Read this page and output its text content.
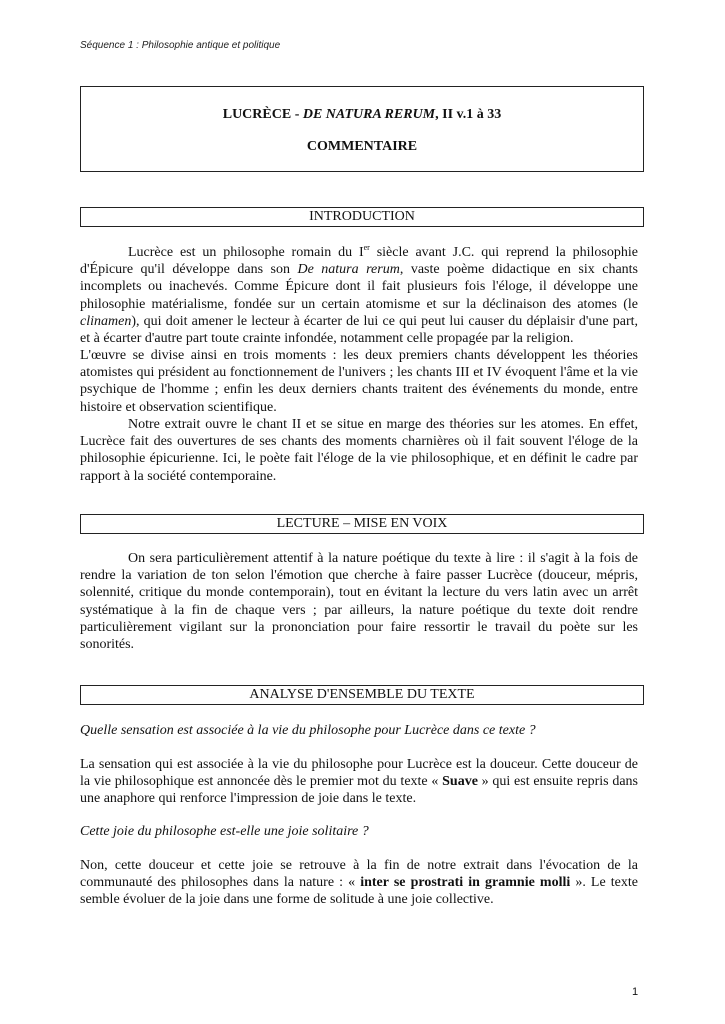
Séquence 1 : Philosophie antique et politique
LUCRÈCE - DE NATURA RERUM, II v.1 à 33
COMMENTAIRE
INTRODUCTION

Lucrèce est un philosophe romain du Ier siècle avant J.C. qui reprend la philosophie d'Épicure qu'il développe dans son De natura rerum, vaste poème didactique en six chants incomplets ou inachevés. Comme Épicure dont il fait plusieurs fois l'éloge, il développe une philosophie matérialisme, fondée sur un certain atomisme et sur la déclinaison des atomes (le clinamen), qui doit amener le lecteur à écarter de lui ce qui peut lui causer du déplaisir d'une part, et à écarter d'autre part toute crainte infondée, notamment celle propagée par la religion.

L'œuvre se divise ainsi en trois moments : les deux premiers chants développent les théories atomistes qui président au fonctionnement de l'univers ; les chants III et IV évoquent l'âme et la vie psychique de l'homme ; enfin les deux derniers chants traitent des événements du monde, entre histoire et observation scientifique.

Notre extrait ouvre le chant II et se situe en marge des théories sur les atomes. En effet, Lucrèce fait des ouvertures de ses chants des moments charnières où il fait souvent l'éloge de la philosophie épicurienne. Ici, le poète fait l'éloge de la vie philosophique, et en définit le cadre par rapport à la société contemporaine.

LECTURE – MISE EN VOIX

On sera particulièrement attentif à la nature poétique du texte à lire : il s'agit à la fois de rendre la variation de ton selon l'émotion que cherche à faire passer Lucrèce (douceur, mépris, solennité, critique du monde contemporain), tout en évitant la lecture du vers latin avec un arrêt systématique à la fin de chaque vers ; par ailleurs, la nature poétique du texte doit rendre particulièrement vigilant sur la prononciation pour faire ressortir le travail du poète sur les sonorités.

ANALYSE D'ENSEMBLE DU TEXTE

Quelle sensation est associée à la vie du philosophe pour Lucrèce dans ce texte ?

La sensation qui est associée à la vie du philosophe pour Lucrèce est la douceur. Cette douceur de la vie philosophique est annoncée dès le premier mot du texte « Suave » qui est ensuite repris dans une anaphore qui renforce l'impression de joie dans le texte.

Cette joie du philosophe est-elle une joie solitaire ?

Non, cette douceur et cette joie se retrouve à la fin de notre extrait dans l'évocation de la communauté des philosophes dans la nature : « inter se prostrati in gramnie molli ». Le texte semble évoluer de la joie dans une forme de solitude à une joie collective.

1
